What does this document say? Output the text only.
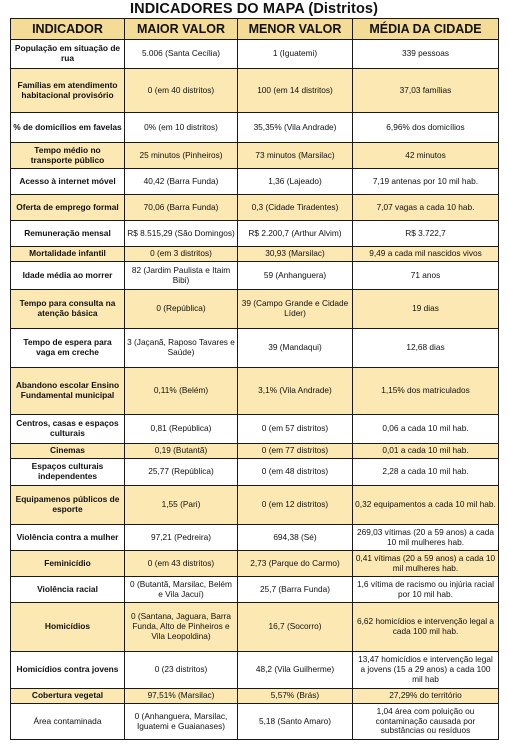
INDICADORES DO MAPA (Distritos)
INDICADOR	MAIOR VALOR	MENOR VALOR	MÉDIA DA CIDADE
População em situação de rua	5.006 (Santa Cecília)	1 (Iguatemi)	339 pessoas
Famílias em atendimento habitacional provisório	0 (em 40 distritos)	100 (em 14 distritos)	37,03 famílias
% de domicílios em favelas	0% (em 10 distritos)	35,35% (Vila Andrade)	6,96% dos domicílios
Tempo médio no transporte público	25 minutos (Pinheiros)	73 minutos (Marsilac)	42 minutos
Acesso à internet móvel	40,42 (Barra Funda)	1,36 (Lajeado)	7,19 antenas por 10 mil hab.
Oferta de emprego formal	70,06 (Barra Funda)	0,3 (Cidade Tiradentes)	7,07 vagas a cada 10 hab.
Remuneração mensal	R$ 8.515,29 (São Domingos)	R$ 2.200,7 (Arthur Alvim)	R$ 3.722,7
Mortalidade infantil	0 (em 3 distritos)	30,93 (Marsilac)	9,49 a cada mil nascidos vivos
Idade média ao morrer	82 (Jardim Paulista e Itaim Bibi)	59 (Anhanguera)	71 anos
Tempo para consulta na atenção básica	0 (República)	39 (Campo Grande e Cidade Líder)	19 dias
Tempo de espera para vaga em creche	3 (Jaçanã, Raposo Tavares e Saúde)	39 (Mandaqui)	12,68 dias
Abandono escolar Ensino Fundamental municipal	0,11% (Belém)	3,1% (Vila Andrade)	1,15% dos matriculados
Centros, casas e espaços culturais	0,81 (República)	0 (em 57 distritos)	0,06 a cada 10 mil hab.
Cinemas	0,19 (Butantã)	0 (em 77 distritos)	0,01 a cada 10 mil hab.
Espaços culturais independentes	25,77 (República)	0 (em 48 distritos)	2,28 a cada 10 mil hab.
Equipamenos públicos de esporte	1,55 (Pari)	0 (em 12 distritos)	0,32 equipamentos a cada 10 mil hab.
Violência contra a mulher	97,21 (Pedreira)	694,38 (Sé)	269,03 vítimas (20 a 59 anos) a cada 10 mil mulheres hab.
Feminicídio	0 (em 43 distritos)	2,73 (Parque do Carmo)	0,41 vítimas (20 a 59 anos) a cada 10 mil mulheres hab.
Violência racial	0 (Butantã, Marsilac, Belém e Vila Jacuí)	25,7 (Barra Funda)	1,6 vítima de racismo ou injúria racial por 10 mil hab.
Homicídios	0 (Santana, Jaguara, Barra Funda, Alto de Pinheiros e Vila Leopoldina)	16,7 (Socorro)	6,62 homicídios e intervenção legal a cada 100 mil hab.
Homicídios contra jovens	0 (23 distritos)	48,2 (Vila Guilherme)	13,47 homicídios e intervenção legal a jovens (15 a 29 anos) a cada 100 mil hab
Cobertura vegetal	97,51% (Marsilac)	5,57% (Brás)	27,29% do território
Área contaminada	0 (Anhanguera, Marsilac, Iguatemi e Guaianases)	5,18 (Santo Amaro)	1,04 área com poluição ou contaminação causada por substâncias ou resíduos
